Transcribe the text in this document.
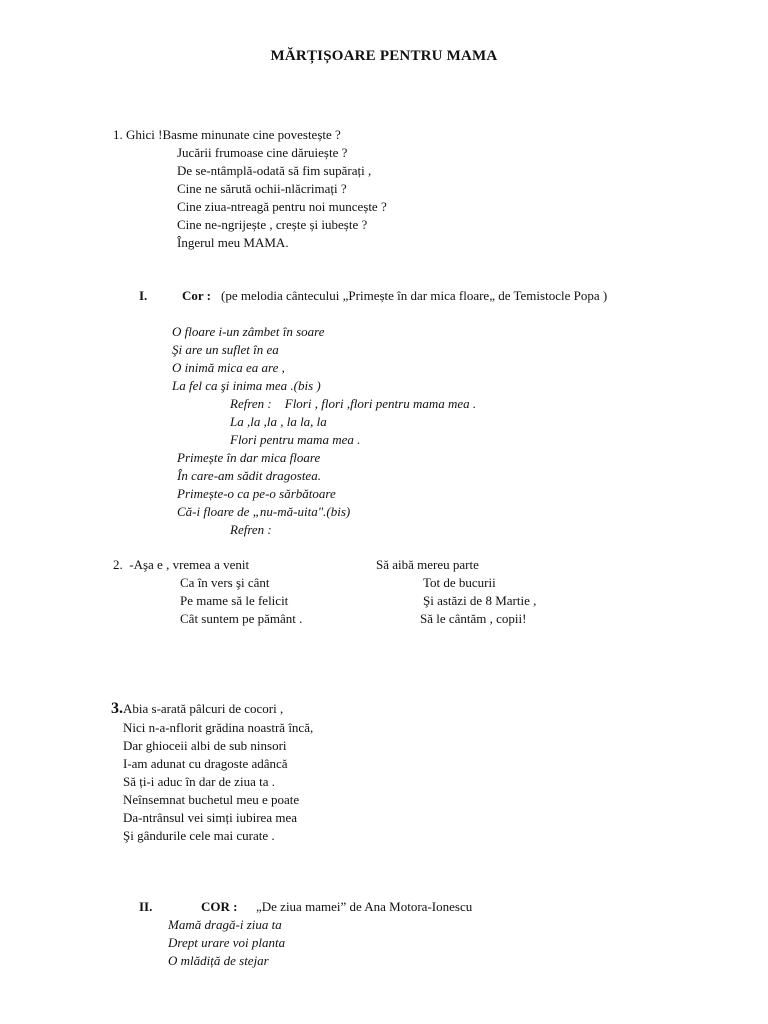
MĂRȚIȘOARE PENTRU MAMA
1. Ghici !Basme minunate cine povestește ?
Jucării frumoase cine dăruiește ?
De se-ntâmplă-odată să fim supărați ,
Cine ne sărută ochii-nlăcrimați ?
Cine ziua-ntreagă pentru noi muncește ?
Cine ne-ngrijește , crește și iubește ?
Îngerul meu MAMA.
I.	Cor : (pe melodia cântecului „Primește în dar mica floare„ de Temistocle Popa )
O floare i-un zâmbet în soare
Şi are un suflet în ea
O inimă mica ea are ,
La fel ca şi inima mea .(bis )
Refren :    Flori , flori ,flori pentru mama mea .
La ,la ,la , la la, la
Flori pentru mama mea .
Primește în dar mica floare
În care-am sădit dragostea.
Primește-o ca pe-o sărbătoare
Că-i floare de „nu-mă-uita".(bis)
Refren :
2.  -Aşa e , vremea a venit
Ca în vers şi cânt
Pe mame să le felicit
Cât suntem pe pământ .
Să aibă mereu parte
Tot de bucurii
Şi astăzi de 8 Martie ,
Să le cântăm , copii!
3.Abia s-arată pâlcuri de cocori ,
Nici n-a-nflorit grădina noastră încă,
Dar ghioceii albi de sub ninsori
I-am adunat cu dragoste adâncă
Să ți-i aduc în dar de ziua ta .
Neînsemnat buchetul meu e poate
Da-ntrânsul vei simți iubirea mea
Şi gândurile cele mai curate .
II.	COR : „De ziua mamei” de Ana Motora-Ionescu
Mamă dragă-i ziua ta
Drept urare voi planta
O mlădiță de stejar
